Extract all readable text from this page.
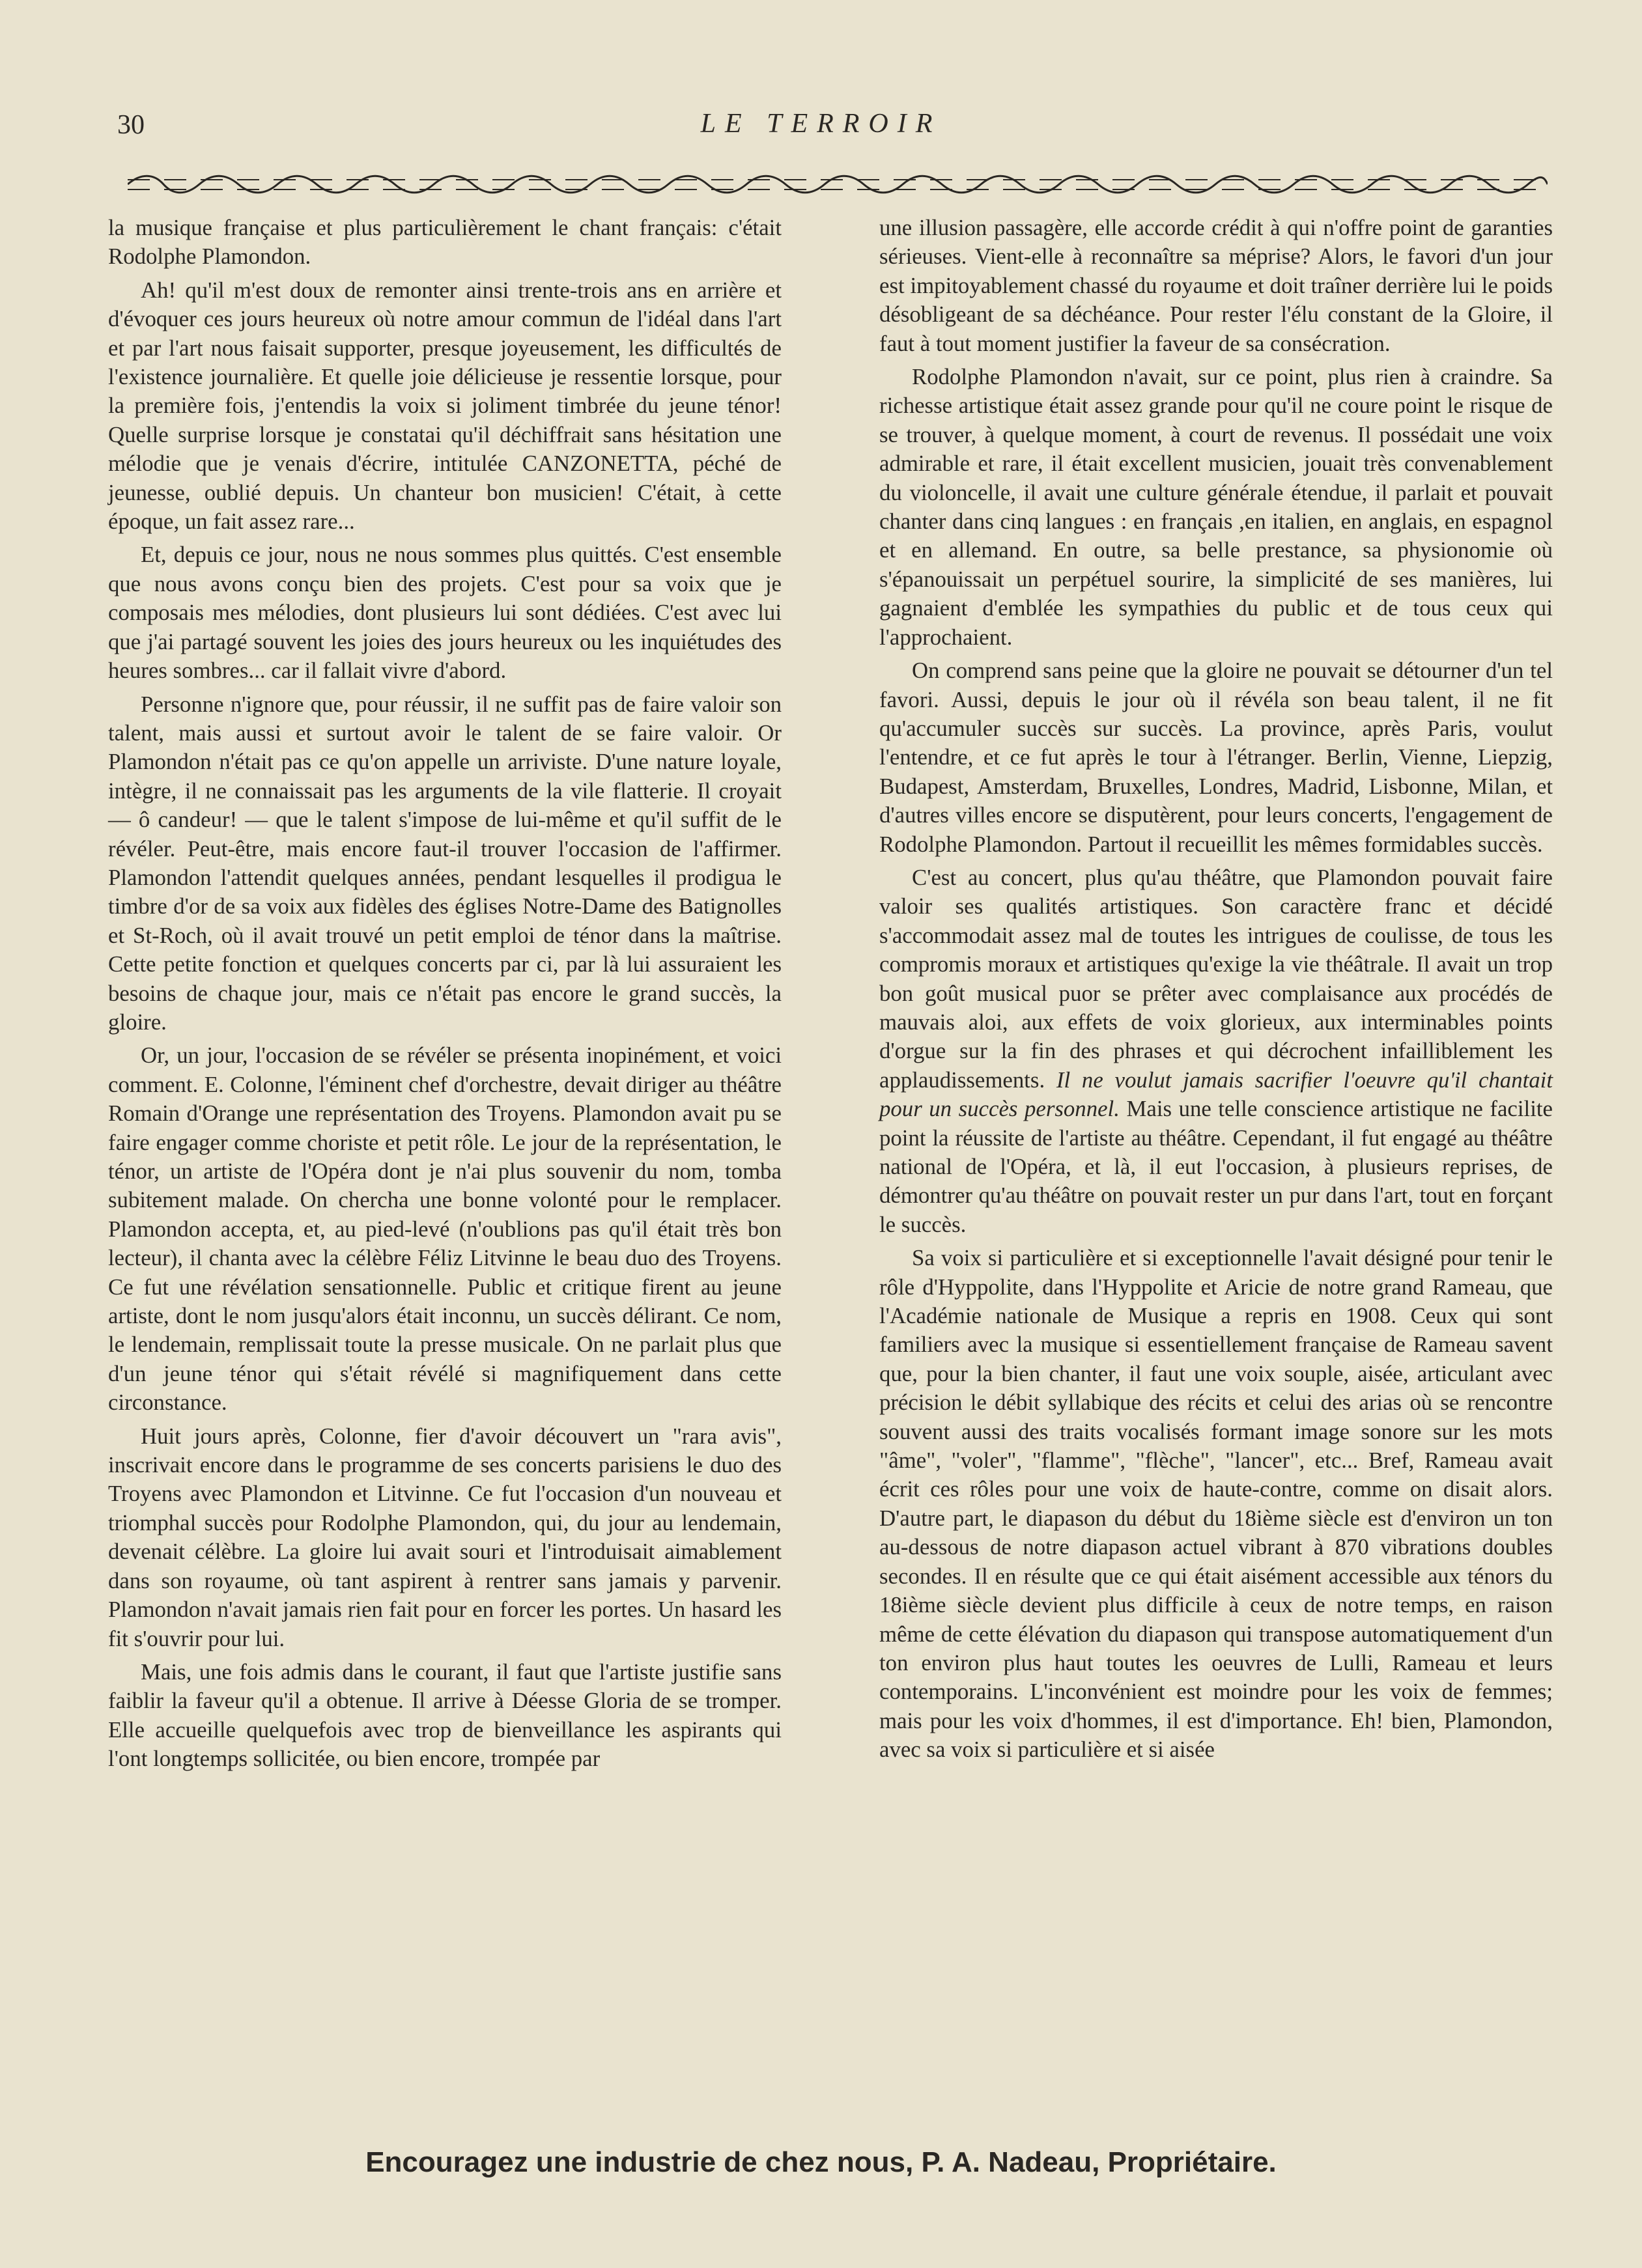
30	LE TERROIR

la musique française et plus particulièrement le chant français: c'était Rodolphe Plamondon.

Ah! qu'il m'est doux de remonter ainsi trente-trois ans en arrière et d'évoquer ces jours heureux où notre amour commun de l'idéal dans l'art et par l'art nous faisait supporter, presque joyeusement, les difficultés de l'existence journalière. Et quelle joie délicieuse je ressentie lorsque, pour la première fois, j'entendis la voix si joliment timbrée du jeune ténor! Quelle surprise lorsque je constatai qu'il déchiffrait sans hésitation une mélodie que je venais d'écrire, intitulée CANZONETTA, péché de jeunesse, oublié depuis. Un chanteur bon musicien! C'était, à cette époque, un fait assez rare...

Et, depuis ce jour, nous ne nous sommes plus quittés. C'est ensemble que nous avons conçu bien des projets. C'est pour sa voix que je composais mes mélodies, dont plusieurs lui sont dédiées. C'est avec lui que j'ai partagé souvent les joies des jours heureux ou les inquiétudes des heures sombres... car il fallait vivre d'abord.

Personne n'ignore que, pour réussir, il ne suffit pas de faire valoir son talent, mais aussi et surtout avoir le talent de se faire valoir. Or Plamondon n'était pas ce qu'on appelle un arriviste. D'une nature loyale, intègre, il ne connaissait pas les arguments de la vile flatterie. Il croyait — ô candeur! — que le talent s'impose de lui-même et qu'il suffit de le révéler. Peut-être, mais encore faut-il trouver l'occasion de l'affirmer. Plamondon l'attendit quelques années, pendant lesquelles il prodigua le timbre d'or de sa voix aux fidèles des églises Notre-Dame des Batignolles et St-Roch, où il avait trouvé un petit emploi de ténor dans la maîtrise. Cette petite fonction et quelques concerts par ci, par là lui assuraient les besoins de chaque jour, mais ce n'était pas encore le grand succès, la gloire.

Or, un jour, l'occasion de se révéler se présenta inopinément, et voici comment. E. Colonne, l'éminent chef d'orchestre, devait diriger au théâtre Romain d'Orange une représentation des Troyens. Plamondon avait pu se faire engager comme choriste et petit rôle. Le jour de la représentation, le ténor, un artiste de l'Opéra dont je n'ai plus souvenir du nom, tomba subitement malade. On chercha une bonne volonté pour le remplacer. Plamondon accepta, et, au pied-levé (n'oublions pas qu'il était très bon lecteur), il chanta avec la célèbre Féliz Litvinne le beau duo des Troyens. Ce fut une révélation sensationnelle. Public et critique firent au jeune artiste, dont le nom jusqu'alors était inconnu, un succès délirant. Ce nom, le lendemain, remplissait toute la presse musicale. On ne parlait plus que d'un jeune ténor qui s'était révélé si magnifiquement dans cette circonstance.

Huit jours après, Colonne, fier d'avoir découvert un "rara avis", inscrivait encore dans le programme de ses concerts parisiens le duo des Troyens avec Plamondon et Litvinne. Ce fut l'occasion d'un nouveau et triomphal succès pour Rodolphe Plamondon, qui, du jour au lendemain, devenait célèbre. La gloire lui avait souri et l'introduisait aimablement dans son royaume, où tant aspirent à rentrer sans jamais y parvenir. Plamondon n'avait jamais rien fait pour en forcer les portes. Un hasard les fit s'ouvrir pour lui.

Mais, une fois admis dans le courant, il faut que l'artiste justifie sans faiblir la faveur qu'il a obtenue. Il arrive à Déesse Gloria de se tromper. Elle accueille quelquefois avec trop de bienveillance les aspirants qui l'ont longtemps sollicitée, ou bien encore, trompée par

une illusion passagère, elle accorde crédit à qui n'offre point de garanties sérieuses. Vient-elle à reconnaître sa méprise? Alors, le favori d'un jour est impitoyablement chassé du royaume et doit traîner derrière lui le poids désobligeant de sa déchéance. Pour rester l'élu constant de la Gloire, il faut à tout moment justifier la faveur de sa consécration.

Rodolphe Plamondon n'avait, sur ce point, plus rien à craindre. Sa richesse artistique était assez grande pour qu'il ne coure point le risque de se trouver, à quelque moment, à court de revenus. Il possédait une voix admirable et rare, il était excellent musicien, jouait très convenablement du violoncelle, il avait une culture générale étendue, il parlait et pouvait chanter dans cinq langues : en français ,en italien, en anglais, en espagnol et en allemand. En outre, sa belle prestance, sa physionomie où s'épanouissait un perpétuel sourire, la simplicité de ses manières, lui gagnaient d'emblée les sympathies du public et de tous ceux qui l'approchaient.

On comprend sans peine que la gloire ne pouvait se détourner d'un tel favori. Aussi, depuis le jour où il révéla son beau talent, il ne fit qu'accumuler succès sur succès. La province, après Paris, voulut l'entendre, et ce fut après le tour à l'étranger. Berlin, Vienne, Liepzig, Budapest, Amsterdam, Bruxelles, Londres, Madrid, Lisbonne, Milan, et d'autres villes encore se disputèrent, pour leurs concerts, l'engagement de Rodolphe Plamondon. Partout il recueillit les mêmes formidables succès.

C'est au concert, plus qu'au théâtre, que Plamondon pouvait faire valoir ses qualités artistiques. Son caractère franc et décidé s'accommodait assez mal de toutes les intrigues de coulisse, de tous les compromis moraux et artistiques qu'exige la vie théâtrale. Il avait un trop bon goût musical puor se prêter avec complaisance aux procédés de mauvais aloi, aux effets de voix glorieux, aux interminables points d'orgue sur la fin des phrases et qui décrochent infailliblement les applaudissements. Il ne voulut jamais sacrifier l'oeuvre qu'il chantait pour un succès personnel. Mais une telle conscience artistique ne facilite point la réussite de l'artiste au théâtre. Cependant, il fut engagé au théâtre national de l'Opéra, et là, il eut l'occasion, à plusieurs reprises, de démontrer qu'au théâtre on pouvait rester un pur dans l'art, tout en forçant le succès.

Sa voix si particulière et si exceptionnelle l'avait désigné pour tenir le rôle d'Hyppolite, dans l'Hyppolite et Aricie de notre grand Rameau, que l'Académie nationale de Musique a repris en 1908. Ceux qui sont familiers avec la musique si essentiellement française de Rameau savent que, pour la bien chanter, il faut une voix souple, aisée, articulant avec précision le débit syllabique des récits et celui des arias où se rencontre souvent aussi des traits vocalisés formant image sonore sur les mots "âme", "voler", "flamme", "flèche", "lancer", etc... Bref, Rameau avait écrit ces rôles pour une voix de haute-contre, comme on disait alors. D'autre part, le diapason du début du 18ième siècle est d'environ un ton au-dessous de notre diapason actuel vibrant à 870 vibrations doubles secondes. Il en résulte que ce qui était aisément accessible aux ténors du 18ième siècle devient plus difficile à ceux de notre temps, en raison même de cette élévation du diapason qui transpose automatiquement d'un ton environ plus haut toutes les oeuvres de Lulli, Rameau et leurs contemporains. L'inconvénient est moindre pour les voix de femmes; mais pour les voix d'hommes, il est d'importance. Eh! bien, Plamondon, avec sa voix si particulière et si aisée

Encouragez une industrie de chez nous, P. A. Nadeau, Propriétaire.
